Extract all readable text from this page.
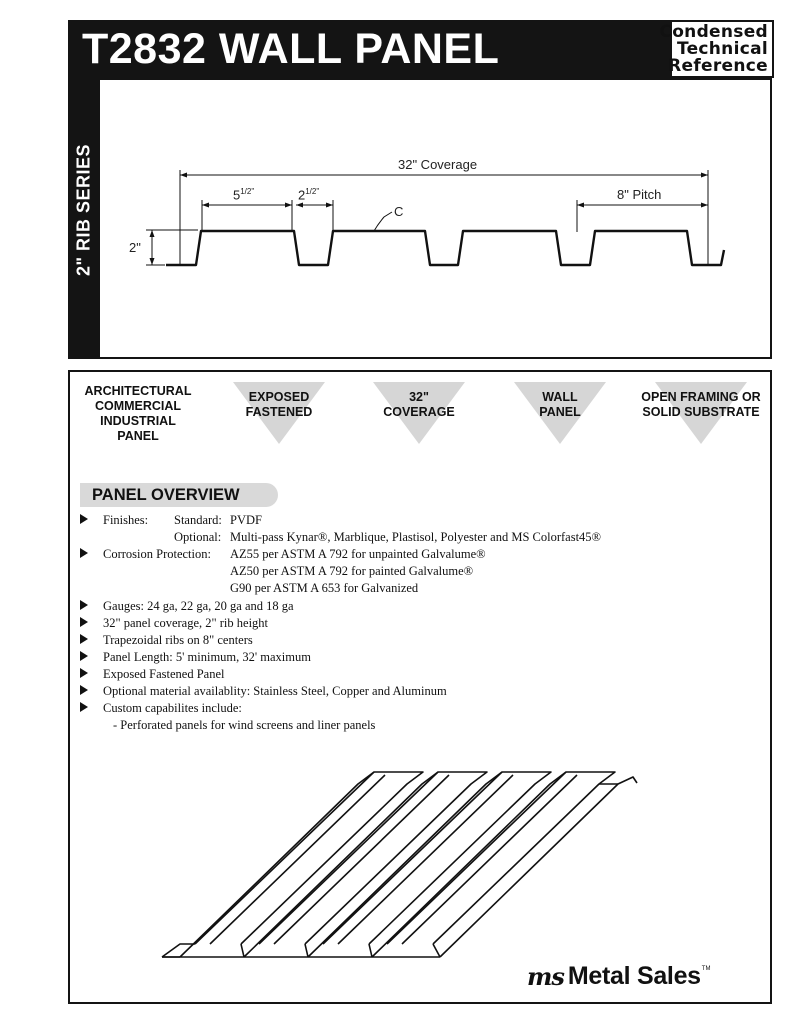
T2832 WALL PANEL	Condensed
Technical
Reference
2" RIB SERIES	32" Coverage
$5^{1/2"}$	$2^{1/2"}$	8" Pitch
2"
C
ARCHITECTURAL
COMMERCIAL
INDUSTRIAL
PANEL
EXPOSED
FASTENED
32"
COVERAGE
WALL
PANEL
OPEN FRAMING OR
SOLID SUBSTRATE
PANEL OVERVIEW
Finishes: Standard: PVDF
Optional: Multi-pass Kynar®, Marblique, Plastisol, Polyester and MS Colorfast45®
Corrosion Protection: AZ55 per ASTM A 792 for unpainted Galvalume®
AZ50 per ASTM A 792 for painted Galvalume®
G90 per ASTM A 653 for Galvanized
Gauges: 24 ga, 22 ga, 20 ga and 18 ga
32" panel coverage, 2" rib height
Trapezoidal ribs on 8" centers
Panel Length: 5' minimum, 32' maximum
Exposed Fastened Panel
Optional material availablity: Stainless Steel, Copper and Aluminum
Custom capabilites include:
- Perforated panels for wind screens and liner panels
ms Metal Sales TM
